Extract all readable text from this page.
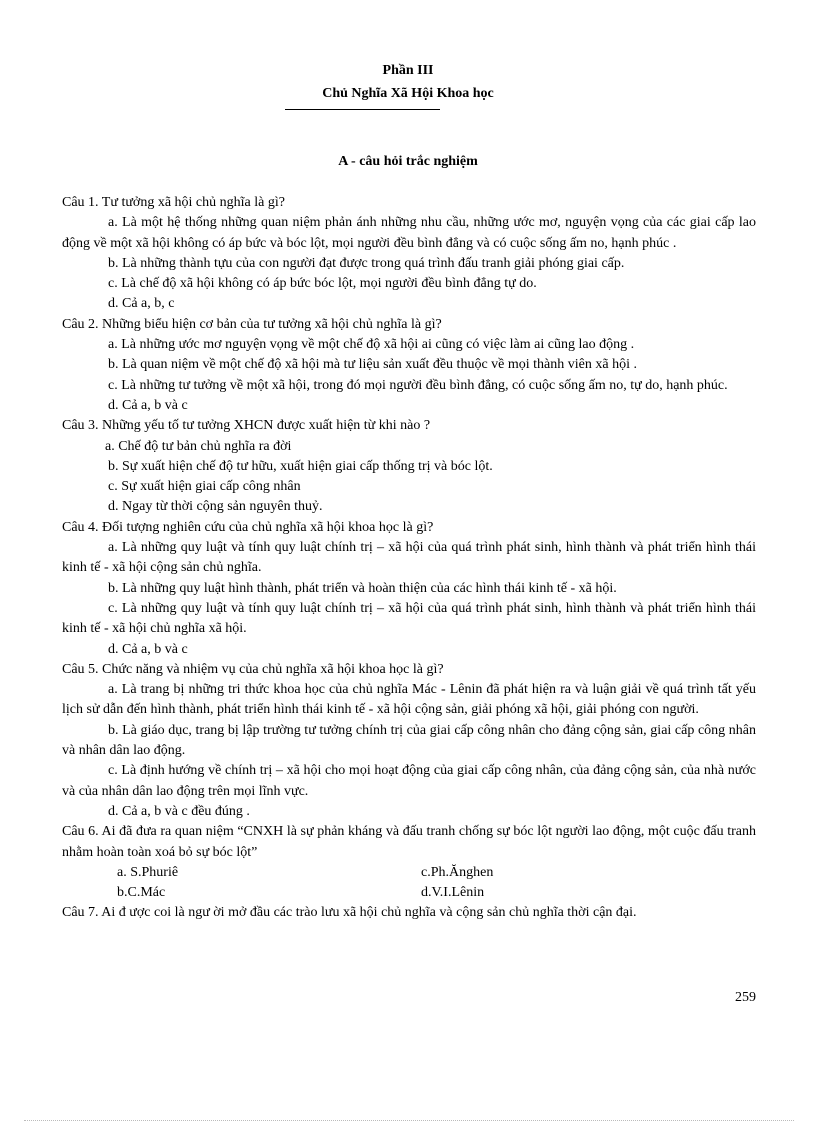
Phần III
Chủ Nghĩa Xã Hội Khoa học
A - câu hỏi trắc nghiệm

Câu 1. Tư tưởng xã hội chủ nghĩa là gì?

a. Là một hệ thống những quan niệm phản ánh những nhu cầu, những ước mơ, nguyện vọng của các giai cấp lao động về một xã hội không có áp bức và bóc lột, mọi người đều bình đẳng và có cuộc sống ấm no, hạnh phúc .

b. Là những thành tựu của con người đạt được trong quá trình đấu tranh giải phóng giai cấp.

c. Là chế độ xã hội không có áp bức bóc lột, mọi người đều bình đẳng tự do.

d. Cả a, b, c

Câu 2. Những biểu hiện cơ bản của tư tưởng xã hội chủ nghĩa là gì?

a. Là những ước mơ nguyện vọng về một chế độ xã hội ai cũng có việc làm ai cũng lao động .

b. Là quan niệm về một chế độ xã hội mà tư liệu sản xuất đều thuộc về mọi thành viên xã hội .

c. Là những tư tưởng về một xã hội, trong đó mọi người đều bình đẳng, có cuộc sống ấm no, tự do, hạnh phúc.

d. Cả a, b và c

Câu 3. Những yếu tố tư tưởng XHCN được xuất hiện từ khi nào ?

a. Chế độ tư bản chủ nghĩa ra đời

b. Sự xuất hiện chế độ tư hữu, xuất hiện giai cấp thống trị và bóc lột.

c. Sự xuất hiện giai cấp công nhân

d. Ngay từ thời cộng sản nguyên thuỷ.

Câu 4. Đối tượng nghiên cứu của chủ nghĩa xã hội khoa học là gì?

a. Là những quy luật và tính quy luật chính trị – xã hội của quá trình phát sinh, hình thành và phát triển hình thái kinh tế - xã hội cộng sản chủ nghĩa.

b. Là những quy luật hình thành, phát triển và hoàn thiện của các hình thái kinh tế - xã hội.

c. Là những quy luật và tính quy luật chính trị – xã hội của quá trình phát sinh, hình thành và phát triển hình thái kinh tế - xã hội chủ nghĩa xã hội.

d. Cả a, b và c

Câu 5. Chức năng và nhiệm vụ của chủ nghĩa xã hội khoa học là gì?

a. Là trang bị những tri thức khoa học của chủ nghĩa Mác - Lênin đã phát hiện ra và luận giải về quá trình tất yếu lịch sử dẫn đến hình thành, phát triển hình thái kinh tế - xã hội cộng sản, giải phóng xã hội, giải phóng con người.

b. Là giáo dục, trang bị lập trường tư tưởng chính trị của giai cấp công nhân cho đảng cộng sản, giai cấp công nhân và nhân dân lao động.

c. Là định hướng về chính trị – xã hội cho mọi hoạt động của giai cấp công nhân, của đảng cộng sản, của nhà nước và của nhân dân lao động trên mọi lĩnh vực.

d. Cả a, b và c đều đúng .

Câu 6. Ai đã đưa ra quan niệm “CNXH là sự phản kháng và đấu tranh chống sự bóc lột người lao động, một cuộc đấu tranh nhằm hoàn toàn xoá bỏ sự bóc lột”

a. S.Phuriê	c.Ph.Ănghen
b.C.Mác	d.V.I.Lênin

Câu 7. Ai đ ược coi là ngư ời mở đầu các trào lưu xã hội chủ nghĩa và cộng sản chủ nghĩa thời cận đại.

259
